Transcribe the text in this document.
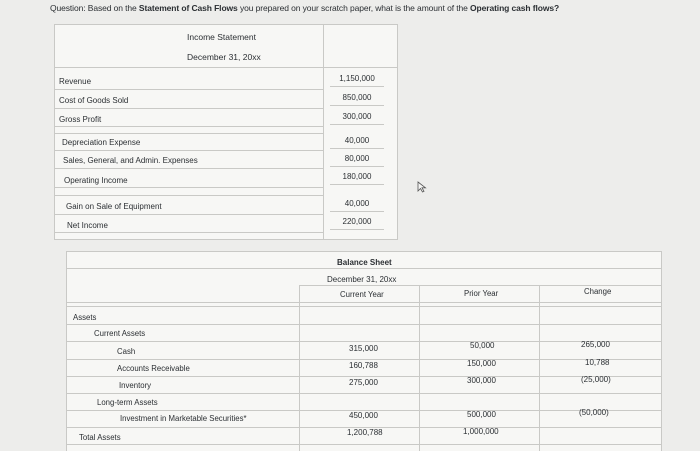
Question: Based on the Statement of Cash Flows you prepared on your scratch paper, what is the amount of the Operating cash flows?
Income Statement
December 31, 20xx
Revenue
Cost of Goods Sold
Gross Profit
1,150,000
850,000
300,000
Depreciation Expense
Sales, General, and Admin. Expenses
Operating Income
40,000
80,000
180,000
Gain on Sale of Equipment
Net Income
40,000
220,000
Balance Sheet
December 31, 20xx
Current Year	Prior Year	Change
Assets
Current Assets
Cash
Accounts Receivable
Inventory
Long-term Assets
Investment in Marketable Securities*
Total Assets
315,000
160,788
275,000
450,000
1,200,788
50,000
150,000
300,000
500,000
1,000,000
265,000
10,788
(25,000)
(50,000)
